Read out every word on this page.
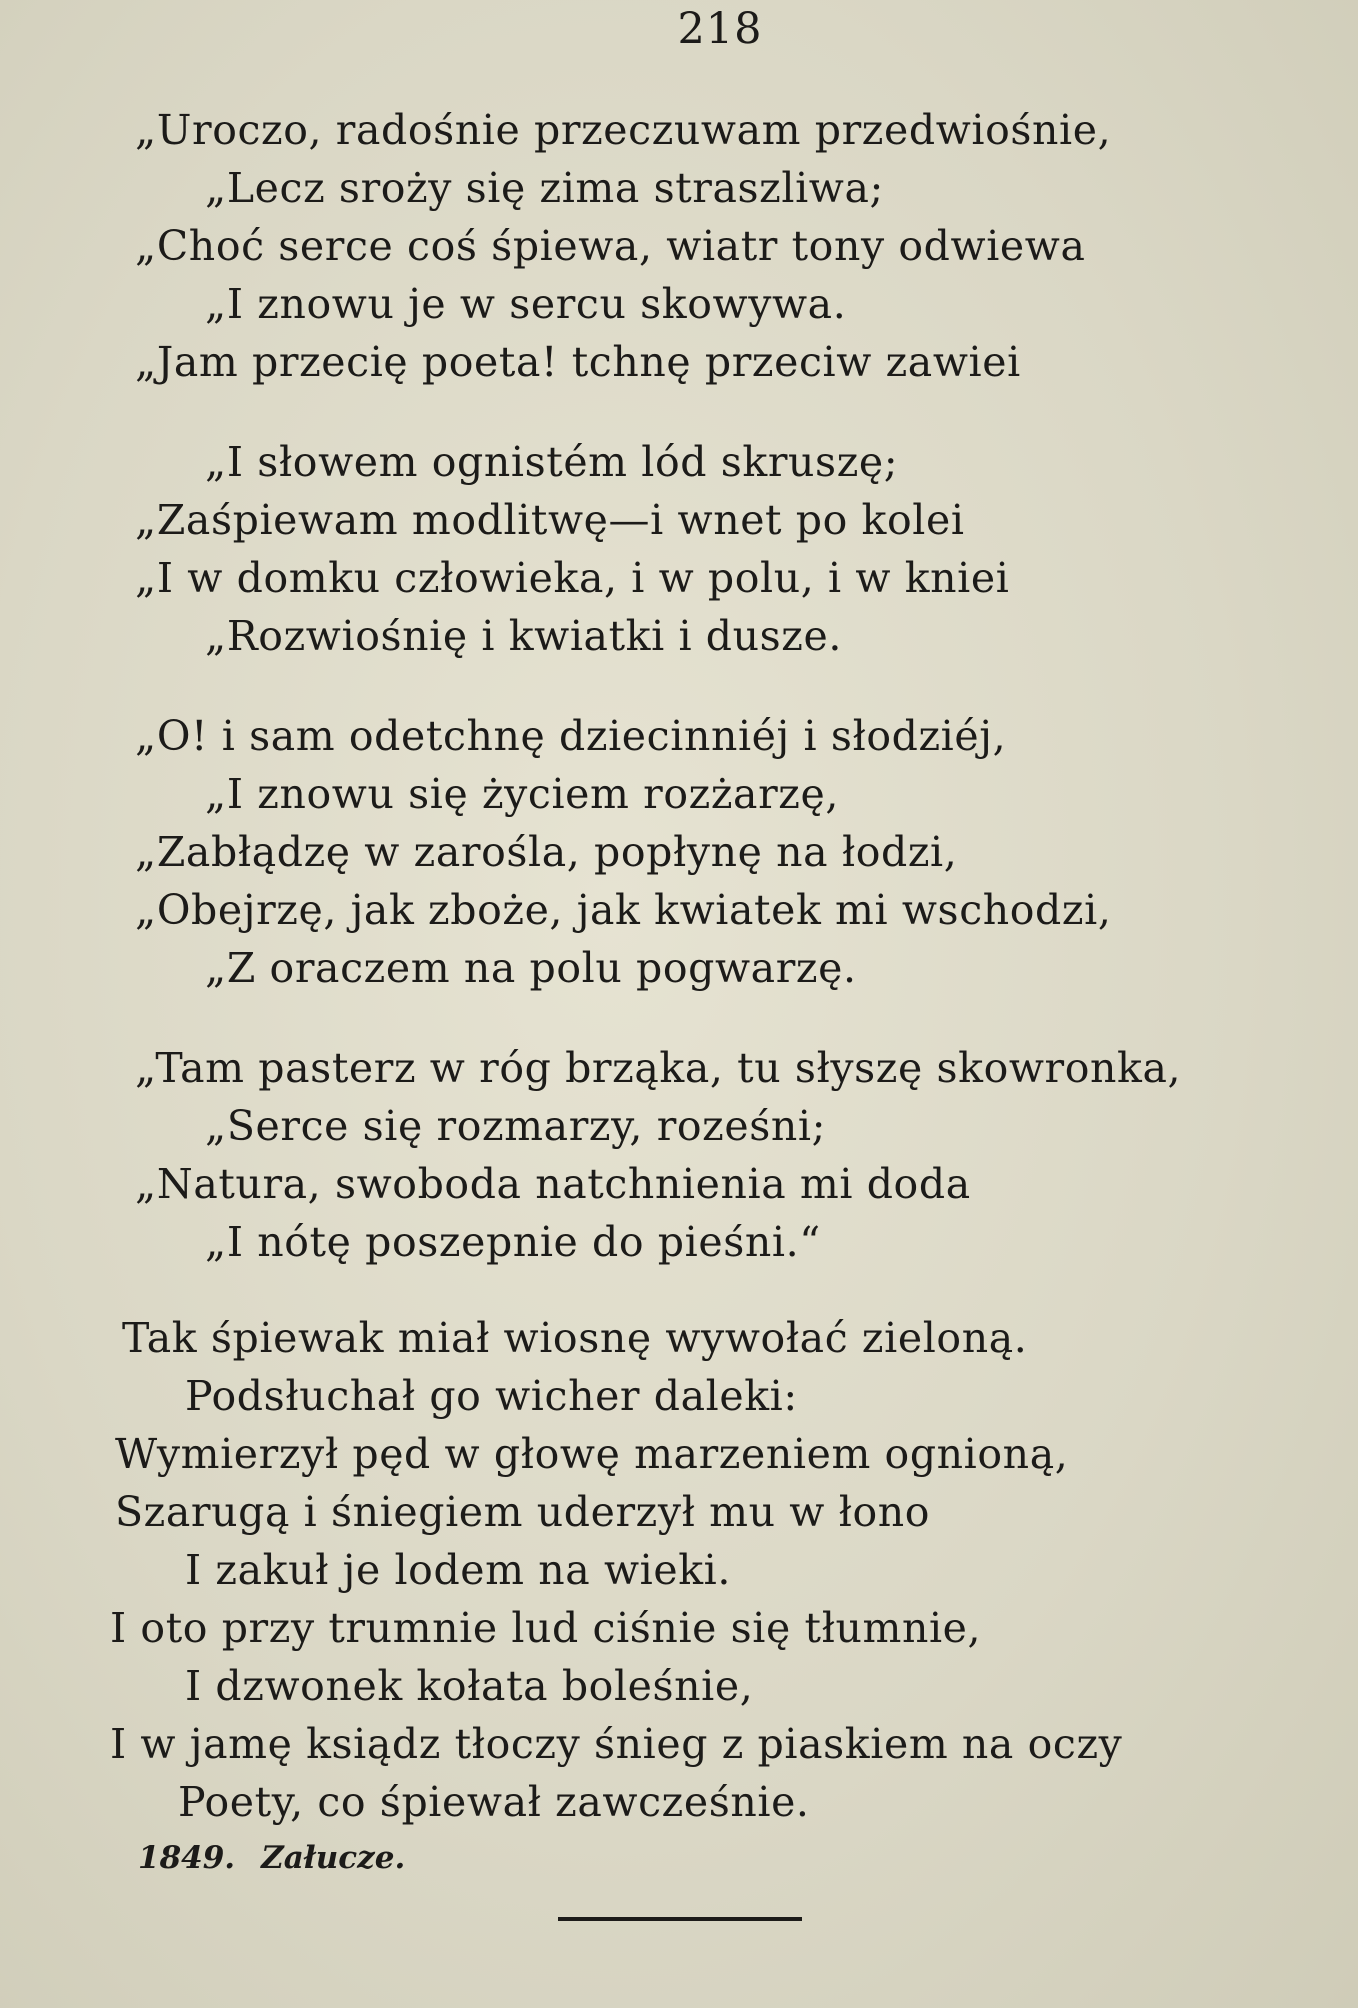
218
„Uroczo, radośnie przeczuwam przedwiośnie,
„Lecz sroży się zima straszliwa;
„Choć serce coś śpiewa, wiatr tony odwiewa
„I znowu je w sercu skowywa.
„Jam przecię poeta! tchnę przeciw zawiei
„I słowem ognistém lód skruszę;
„Zaśpiewam modlitwę—i wnet po kolei
„I w domku człowieka, i w polu, i w kniei
„Rozwiośnię i kwiatki i dusze.
„O! i sam odetchnę dziecinniéj i słodziéj,
„I znowu się życiem rozżarzę,
„Zabłądzę w zarośla, popłynę na łodzi,
„Obejrzę, jak zboże, jak kwiatek mi wschodzi,
„Z oraczem na polu pogwarzę.
„Tam pasterz w róg brząka, tu słyszę skowronka,
„Serce się rozmarzy, roześni;
„Natura, swoboda natchnienia mi doda
„I nótę poszepnie do pieśni.“
Tak śpiewak miał wiosnę wywołać zieloną.
Podsłuchał go wicher daleki:
Wymierzył pęd w głowę marzeniem ognioną,
Szarugą i śniegiem uderzył mu w łono
I zakuł je lodem na wieki.
I oto przy trumnie lud ciśnie się tłumnie,
I dzwonek kołata boleśnie,
I w jamę ksiądz tłoczy śnieg z piaskiem na oczy
Poety, co śpiewał zawcześnie.
1849. Załucze.
